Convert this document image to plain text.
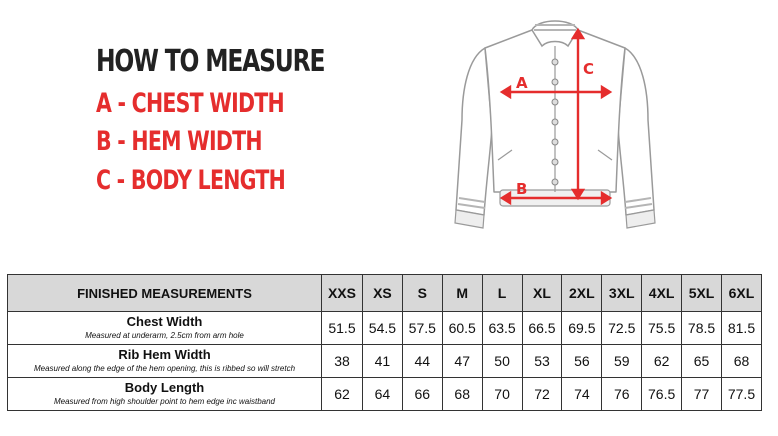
HOW TO MEASURE
A - CHEST WIDTH
B - HEM WIDTH
C - BODY LENGTH
A
B
C
FINISHED MEASUREMENTS	XXS	XS	S	M	L	XL	2XL	3XL	4XL	5XL	6XL

Chest Width
Measured at underarm, 2.5cm from arm hole	51.5	54.5	57.5	60.5	63.5	66.5	69.5	72.5	75.5	78.5	81.5

Rib Hem Width
Measured along the edge of the hem opening, this is ribbed so will stretch	38	41	44	47	50	53	56	59	62	65	68

Body Length
Measured from high shoulder point to hem edge inc waistband	62	64	66	68	70	72	74	76	76.5	77	77.5
